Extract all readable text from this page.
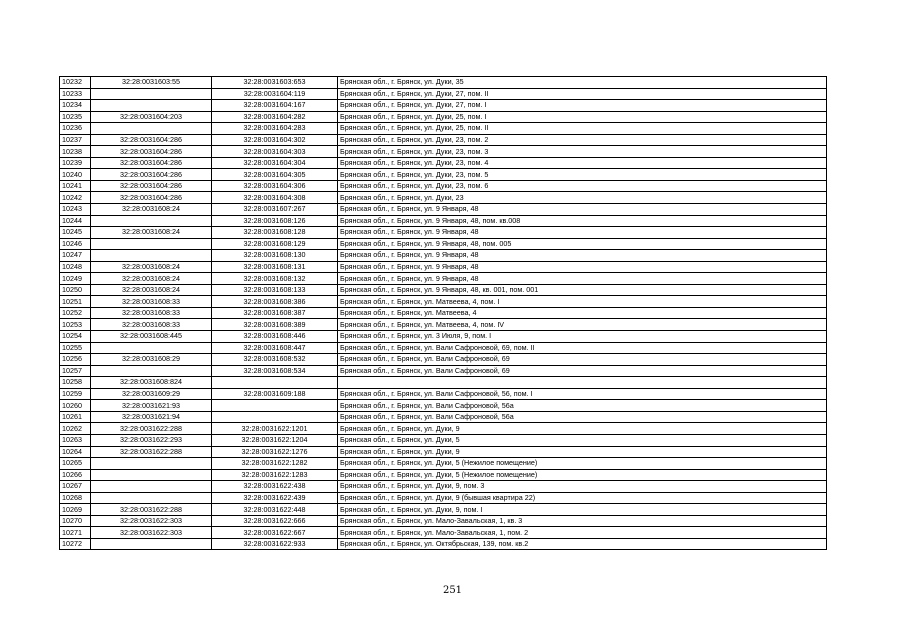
10232	32:28:0031603:55	32:28:0031603:653	Брянская обл., г. Брянск, ул. Дуки, 35
10233		32:28:0031604:119	Брянская обл., г. Брянск, ул. Дуки, 27, пом. II
10234		32:28:0031604:167	Брянская обл., г. Брянск, ул. Дуки, 27, пом. I
10235	32:28:0031604:203	32:28:0031604:282	Брянская обл., г. Брянск, ул. Дуки, 25, пом. I
10236		32:28:0031604:283	Брянская обл., г. Брянск, ул. Дуки, 25, пом. II
10237	32:28:0031604:286	32:28:0031604:302	Брянская обл., г. Брянск, ул. Дуки, 23, пом. 2
10238	32:28:0031604:286	32:28:0031604:303	Брянская обл., г. Брянск, ул. Дуки, 23, пом. 3
10239	32:28:0031604:286	32:28:0031604:304	Брянская обл., г. Брянск, ул. Дуки, 23, пом. 4
10240	32:28:0031604:286	32:28:0031604:305	Брянская обл., г. Брянск, ул. Дуки, 23, пом. 5
10241	32:28:0031604:286	32:28:0031604:306	Брянская обл., г. Брянск, ул. Дуки, 23, пом. 6
10242	32:28:0031604:286	32:28:0031604:308	Брянская обл., г. Брянск, ул. Дуки, 23
10243	32:28:0031608:24	32:28:0031607:267	Брянская обл., г. Брянск, ул. 9 Января, 48
10244		32:28:0031608:126	Брянская обл., г. Брянск, ул. 9 Января, 48, пом. кв.008
10245	32:28:0031608:24	32:28:0031608:128	Брянская обл., г. Брянск, ул. 9 Января, 48
10246		32:28:0031608:129	Брянская обл., г. Брянск, ул. 9 Января, 48, пом. 005
10247		32:28:0031608:130	Брянская обл., г. Брянск, ул. 9 Января, 48
10248	32:28:0031608:24	32:28:0031608:131	Брянская обл., г. Брянск, ул. 9 Января, 48
10249	32:28:0031608:24	32:28:0031608:132	Брянская обл., г. Брянск, ул. 9 Января, 48
10250	32:28:0031608:24	32:28:0031608:133	Брянская обл., г. Брянск, ул. 9 Января, 48, кв. 001, пом. 001
10251	32:28:0031608:33	32:28:0031608:386	Брянская обл., г. Брянск, ул. Матвеева, 4, пом. I
10252	32:28:0031608:33	32:28:0031608:387	Брянская обл., г. Брянск, ул. Матвеева, 4
10253	32:28:0031608:33	32:28:0031608:389	Брянская обл., г. Брянск, ул. Матвеева, 4, пом. IV
10254	32:28:0031608:445	32:28:0031608:446	Брянская обл., г. Брянск, ул. 3 Июля, 9, пом. I
10255		32:28:0031608:447	Брянская обл., г. Брянск, ул. Вали Сафроновой, 69, пом. II
10256	32:28:0031608:29	32:28:0031608:532	Брянская обл., г. Брянск, ул. Вали Сафроновой, 69
10257		32:28:0031608:534	Брянская обл., г. Брянск, ул. Вали Сафроновой, 69
10258	32:28:0031608:824		
10259	32:28:0031609:29	32:28:0031609:188	Брянская обл., г. Брянск, ул. Вали Сафроновой, 56, пом. I
10260	32:28:0031621:93		Брянская обл., г. Брянск, ул. Вали Сафроновой, 56а
10261	32:28:0031621:94		Брянская обл., г. Брянск, ул. Вали Сафроновой, 56а
10262	32:28:0031622:288	32:28:0031622:1201	Брянская обл., г. Брянск, ул. Дуки, 9
10263	32:28:0031622:293	32:28:0031622:1204	Брянская обл., г. Брянск, ул. Дуки, 5
10264	32:28:0031622:288	32:28:0031622:1276	Брянская обл., г. Брянск, ул. Дуки, 9
10265		32:28:0031622:1282	Брянская обл., г. Брянск, ул. Дуки, 5 (Нежилое помещение)
10266		32:28:0031622:1283	Брянская обл., г. Брянск, ул. Дуки, 5 (Нежилое помещение)
10267		32:28:0031622:438	Брянская обл., г. Брянск, ул. Дуки, 9, пом. 3
10268		32:28:0031622:439	Брянская обл., г. Брянск, ул. Дуки, 9 (бывшая квартира 22)
10269	32:28:0031622:288	32:28:0031622:448	Брянская обл., г. Брянск, ул. Дуки, 9, пом. I
10270	32:28:0031622:303	32:28:0031622:666	Брянская обл., г. Брянск, ул. Мало-Завальская, 1, кв. 3
10271	32:28:0031622:303	32:28:0031622:667	Брянская обл., г. Брянск, ул. Мало-Завальская, 1, пом. 2
10272		32:28:0031622:933	Брянская обл., г. Брянск, ул. Октябрьская, 139, пом. кв.2
251
